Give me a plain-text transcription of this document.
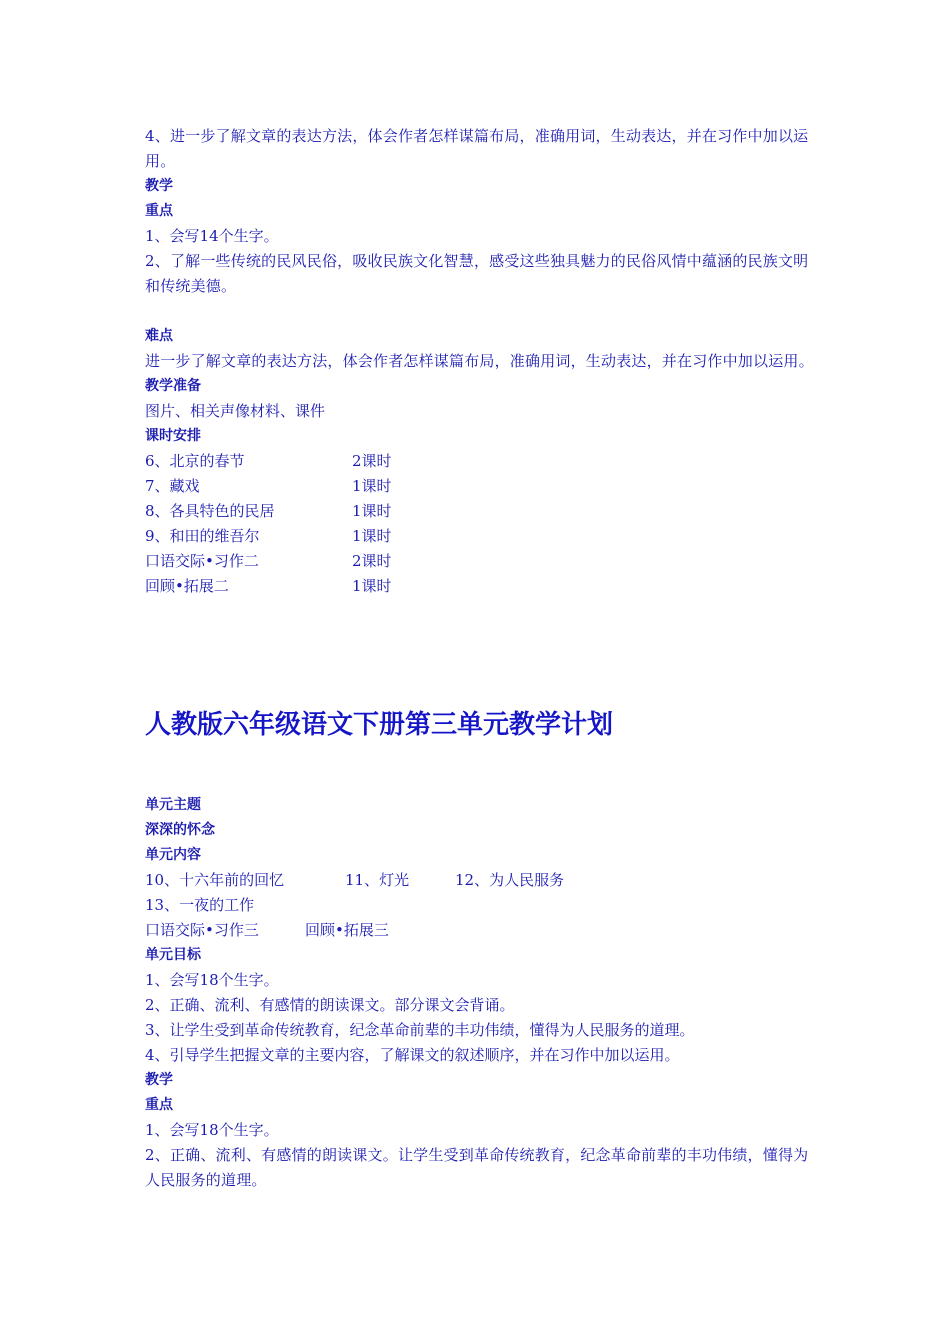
4、进一步了解文章的表达方法，体会作者怎样谋篇布局，准确用词，生动表达，并在习作中加以运用。
教学
重点
1、会写14个生字。
2、了解一些传统的民风民俗，吸收民族文化智慧，感受这些独具魅力的民俗风情中蕴涵的民族文明和传统美德。
难点
进一步了解文章的表达方法，体会作者怎样谋篇布局，准确用词，生动表达，并在习作中加以运用。
教学准备
图片、相关声像材料、课件
课时安排
6、北京的春节	2课时
7、藏戏	1课时
8、各具特色的民居	1课时
9、和田的维吾尔	1课时
口语交际•习作二	2课时
回顾•拓展二	1课时
人教版六年级语文下册第三单元教学计划
单元主题
深深的怀念
单元内容
10、十六年前的回忆	11、灯光	12、为人民服务
13、一夜的工作
口语交际•习作三	回顾•拓展三
单元目标
1、会写18个生字。
2、正确、流利、有感情的朗读课文。部分课文会背诵。
3、让学生受到革命传统教育，纪念革命前辈的丰功伟绩，懂得为人民服务的道理。
4、引导学生把握文章的主要内容，了解课文的叙述顺序，并在习作中加以运用。
教学
重点
1、会写18个生字。
2、正确、流利、有感情的朗读课文。让学生受到革命传统教育，纪念革命前辈的丰功伟绩，懂得为人民服务的道理。
